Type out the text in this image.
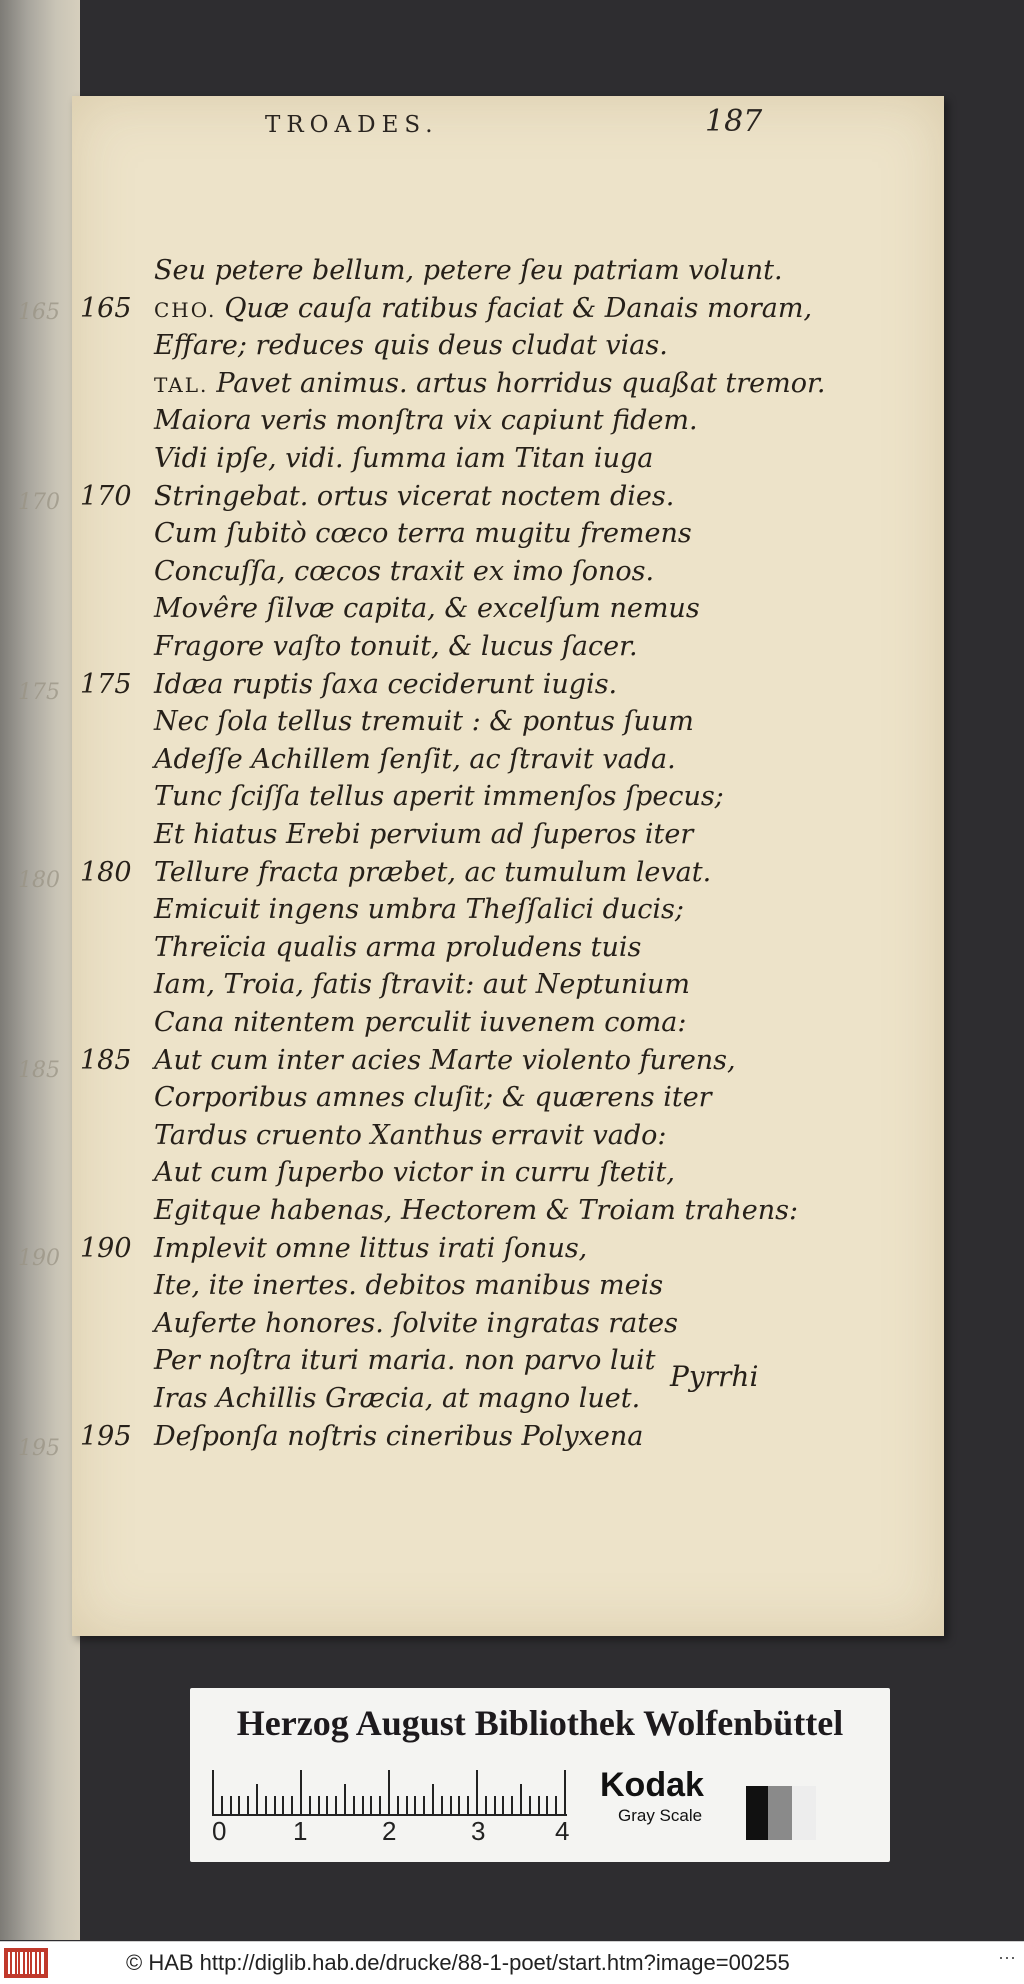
165
170
175
180
185
190
195
TROADES.	187
Seu petere bellum, petere ſeu patriam volunt.
165	CHO. Quæ cauſa ratibus faciat & Danais moram,
Effare; reduces quis deus cludat vias.
TAL. Pavet animus. artus horridus quaßat tremor.
Maiora veris monſtra vix capiunt fidem.
Vidi ipſe, vidi. ſumma iam Titan iuga
170 Stringebat. ortus vicerat noctem dies.
Cum ſubitò cœco terra mugitu fremens
Concuſſa, cœcos traxit ex imo ſonos.
Movêre ſilvæ capita, & excelſum nemus
Fragore vaſto tonuit, & lucus ſacer.
175 Idæa ruptis ſaxa ceciderunt iugis.
Nec ſola tellus tremuit : & pontus ſuum
Adeſſe Achillem ſenſit, ac ſtravit vada.
Tunc ſciſſa tellus aperit immenſos ſpecus;
Et hiatus Erebi pervium ad ſuperos iter
180 Tellure fracta præbet, ac tumulum levat.
Emicuit ingens umbra Theſſalici ducis;
Threïcia qualis arma proludens tuis
Iam, Troia, fatis ſtravit: aut Neptunium
Cana nitentem perculit iuvenem coma:
185 Aut cum inter acies Marte violento furens,
Corporibus amnes cluſit; & quærens iter
Tardus cruento Xanthus erravit vado:
Aut cum ſuperbo victor in curru ſtetit,
Egitque habenas, Hectorem & Troiam trahens:
190 Implevit omne littus irati ſonus,
Ite, ite inertes. debitos manibus meis
Auferte honores. ſolvite ingratas rates
Per noſtra ituri maria. non parvo luit
Iras Achillis Græcia, at magno luet.
195 Deſponſa noſtris cineribus Polyxena
Pyrrhi
Herzog August Bibliothek Wolfenbüttel
0	1	2	3	4
Kodak
Gray Scale
© HAB http://diglib.hab.de/drucke/88-1-poet/start.htm?image=00255	⋯
